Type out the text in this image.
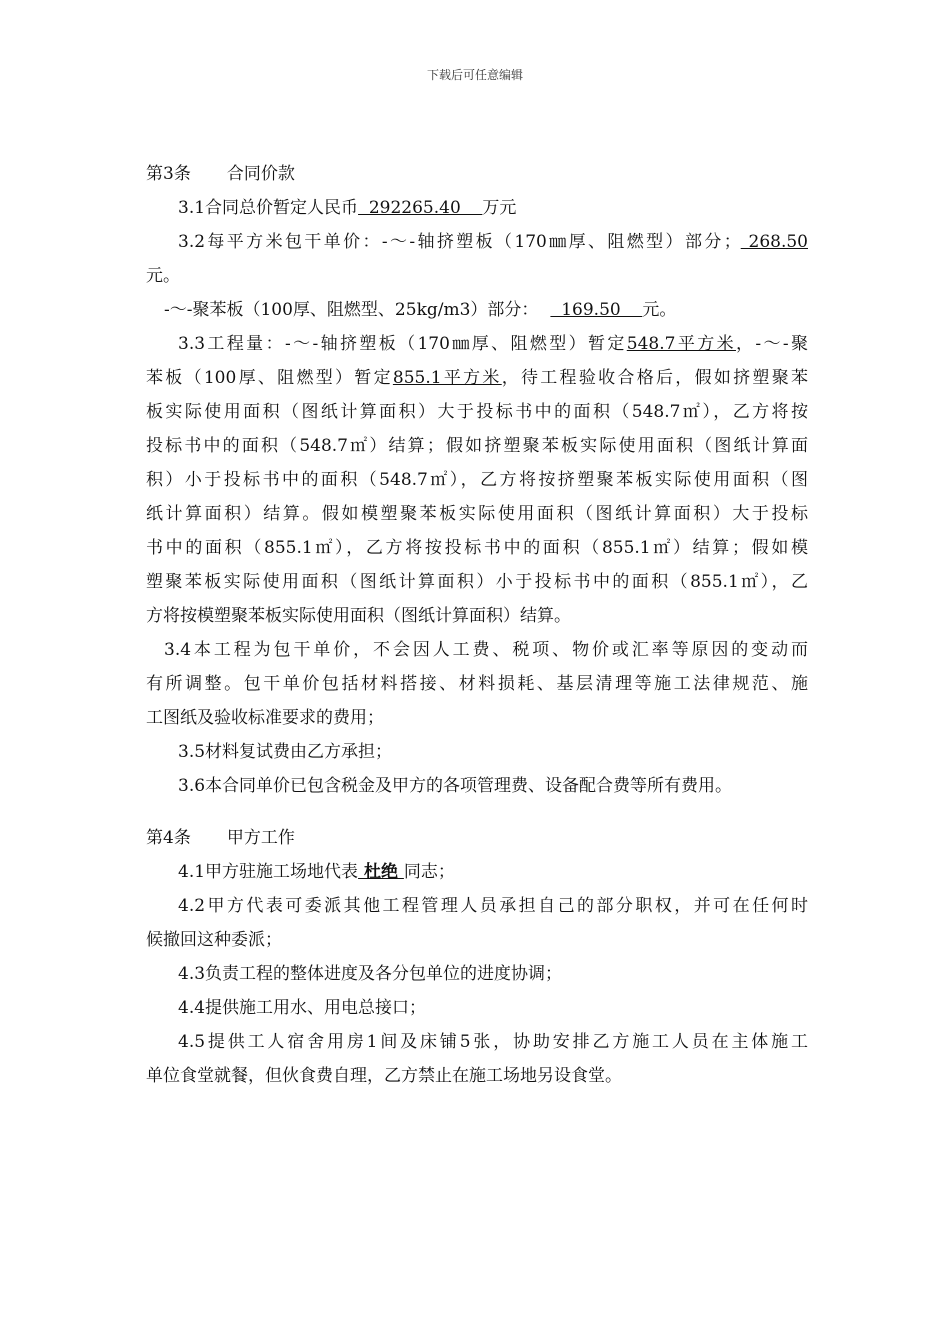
下载后可任意编辑
第3条 合同价款
3.1合同总价暂定人民币  292265.40    万元
3.2每平方米包干单价：-～-轴挤塑板（170㎜厚、阻燃型）部分； 268.50
元。
-～-聚苯板（100厚、阻燃型、25kg/m3）部分：  169.50    元。
3.3工程量：-～-轴挤塑板（170㎜厚、阻燃型）暂定548.7平方米，-～-聚
苯板（100厚、阻燃型）暂定855.1平方米，待工程验收合格后，假如挤塑聚苯
板实际使用面积（图纸计算面积）大于投标书中的面积（548.7㎡），乙方将按
投标书中的面积（548.7㎡）结算；假如挤塑聚苯板实际使用面积（图纸计算面
积）小于投标书中的面积（548.7㎡），乙方将按挤塑聚苯板实际使用面积（图
纸计算面积）结算。假如模塑聚苯板实际使用面积（图纸计算面积）大于投标
书中的面积（855.1㎡），乙方将按投标书中的面积（855.1㎡）结算；假如模
塑聚苯板实际使用面积（图纸计算面积）小于投标书中的面积（855.1㎡），乙
方将按模塑聚苯板实际使用面积（图纸计算面积）结算。
3.4本工程为包干单价，不会因人工费、税项、物价或汇率等原因的变动而
有所调整。包干单价包括材料搭接、材料损耗、基层清理等施工法律规范、施
工图纸及验收标准要求的费用；
3.5材料复试费由乙方承担；
3.6本合同单价已包含税金及甲方的各项管理费、设备配合费等所有费用。
第4条 甲方工作
4.1甲方驻施工场地代表 杜绝 同志；
4.2甲方代表可委派其他工程管理人员承担自己的部分职权，并可在任何时
候撤回这种委派；
4.3负责工程的整体进度及各分包单位的进度协调；
4.4提供施工用水、用电总接口；
4.5提供工人宿舍用房1间及床铺5张，协助安排乙方施工人员在主体施工
单位食堂就餐，但伙食费自理，乙方禁止在施工场地另设食堂。
